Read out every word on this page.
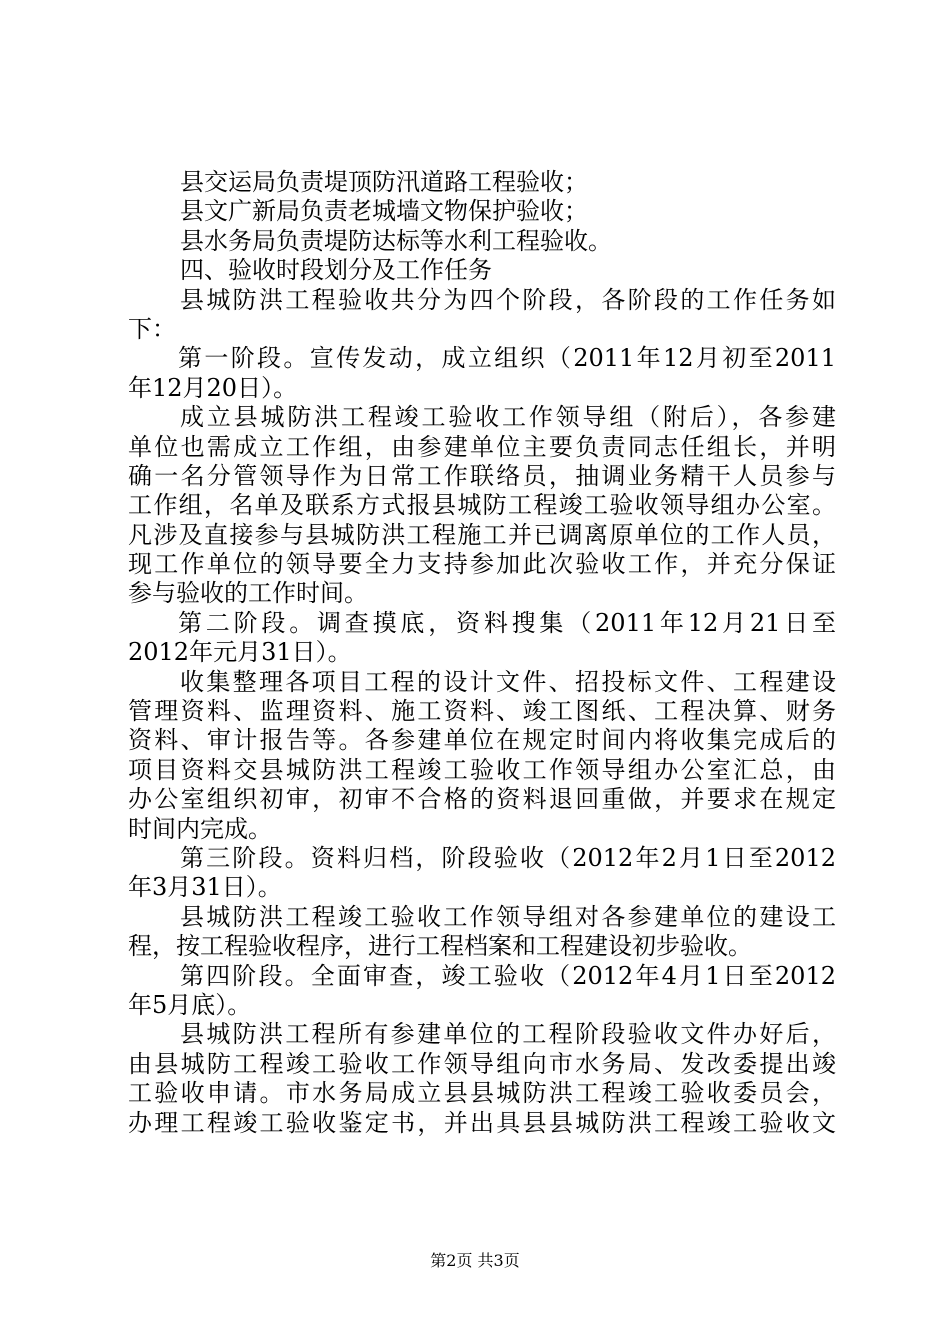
县交运局负责堤顶防汛道路工程验收；
县文广新局负责老城墙文物保护验收；
县水务局负责堤防达标等水利工程验收。
四、验收时段划分及工作任务
县城防洪工程验收共分为四个阶段，各阶段的工作任务如
下：
第一阶段。宣传发动，成立组织（2011年12月初至2011
年12月20日）。
成立县城防洪工程竣工验收工作领导组（附后），各参建
单位也需成立工作组，由参建单位主要负责同志任组长，并明
确一名分管领导作为日常工作联络员，抽调业务精干人员参与
工作组，名单及联系方式报县城防工程竣工验收领导组办公室。
凡涉及直接参与县城防洪工程施工并已调离原单位的工作人员，
现工作单位的领导要全力支持参加此次验收工作，并充分保证
参与验收的工作时间。
第二阶段。调查摸底，资料搜集（2011年12月21日至
2012年元月31日）。
收集整理各项目工程的设计文件、招投标文件、工程建设
管理资料、监理资料、施工资料、竣工图纸、工程决算、财务
资料、审计报告等。各参建单位在规定时间内将收集完成后的
项目资料交县城防洪工程竣工验收工作领导组办公室汇总，由
办公室组织初审，初审不合格的资料退回重做，并要求在规定
时间内完成。
第三阶段。资料归档，阶段验收（2012年2月1日至2012
年3月31日）。
县城防洪工程竣工验收工作领导组对各参建单位的建设工
程，按工程验收程序，进行工程档案和工程建设初步验收。
第四阶段。全面审查，竣工验收（2012年4月1日至2012
年5月底）。
县城防洪工程所有参建单位的工程阶段验收文件办好后，
由县城防工程竣工验收工作领导组向市水务局、发改委提出竣
工验收申请。市水务局成立县县城防洪工程竣工验收委员会，
办理工程竣工验收鉴定书，并出具县县城防洪工程竣工验收文
第2页 共3页
